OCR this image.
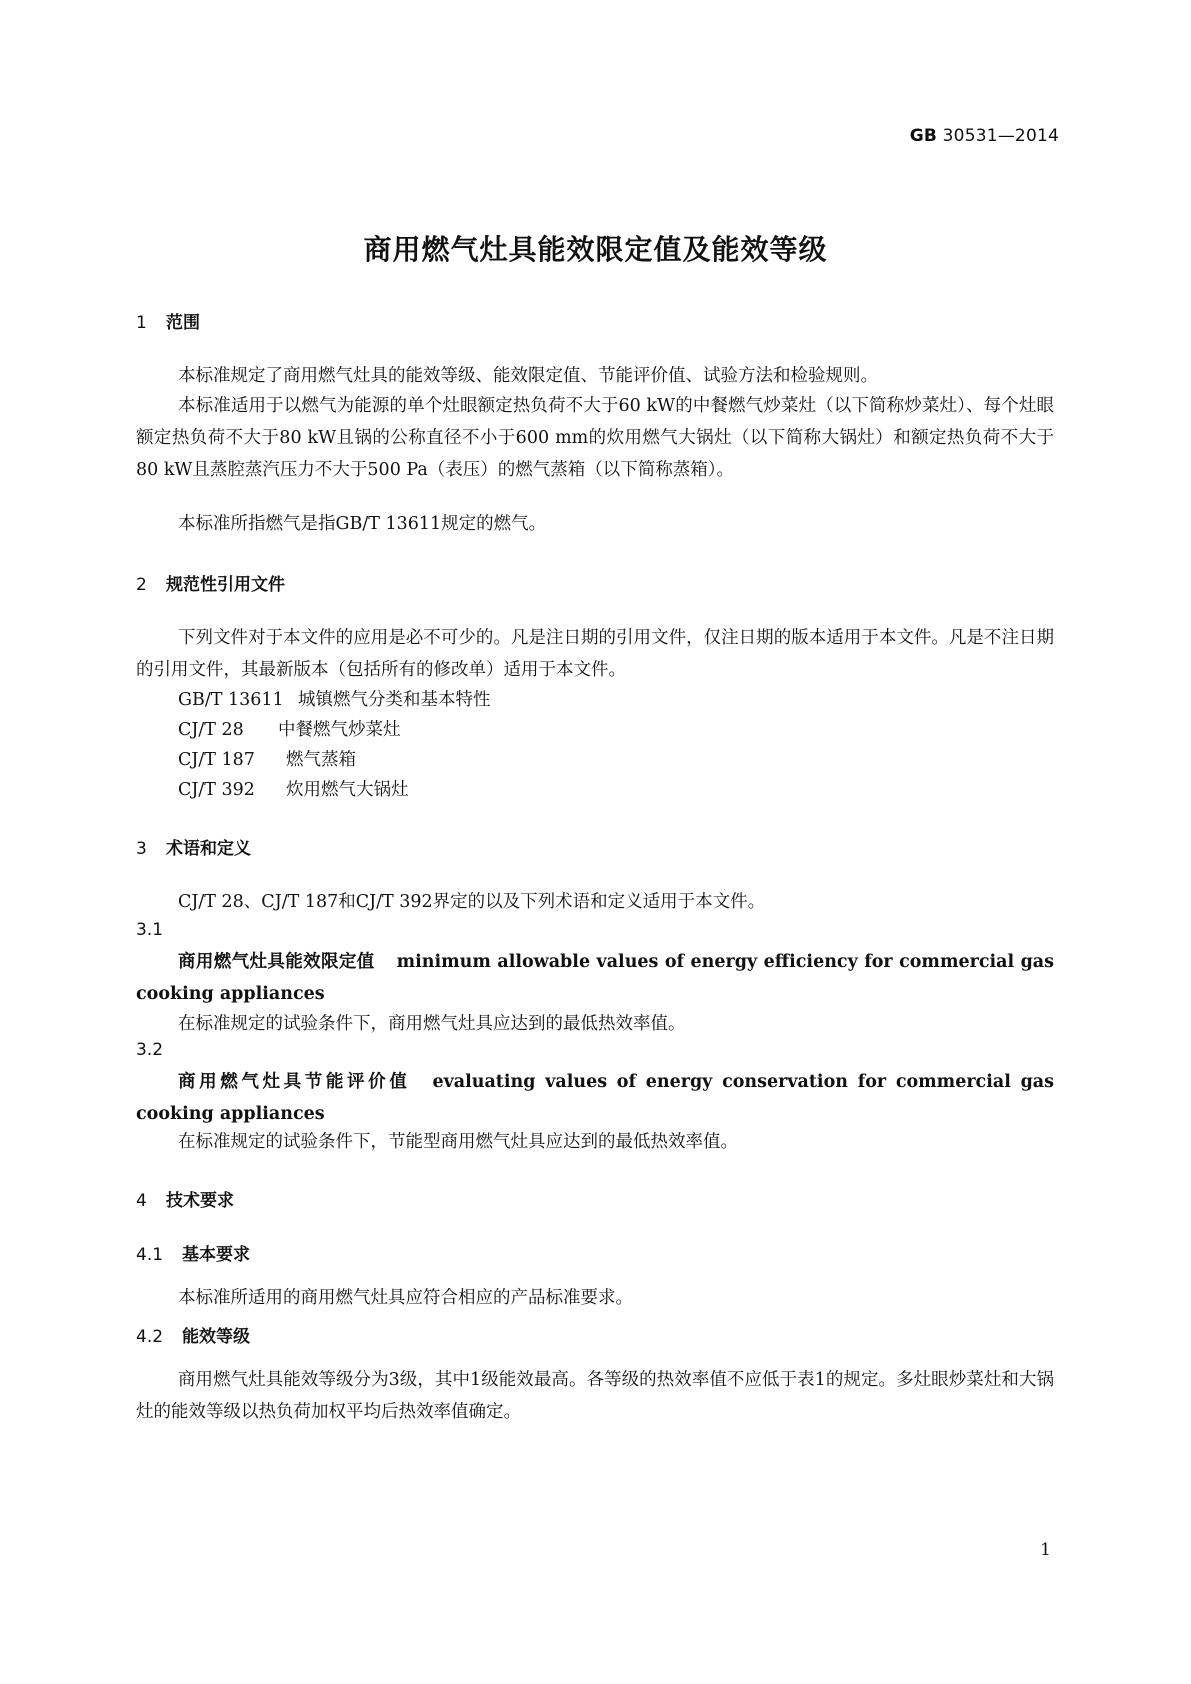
GB 30531—2014
商用燃气灶具能效限定值及能效等级
1 范围

本标准规定了商用燃气灶具的能效等级、能效限定值、节能评价值、试验方法和检验规则。

本标准适用于以燃气为能源的单个灶眼额定热负荷不大于60 kW的中餐燃气炒菜灶（以下简称炒菜灶）、每个灶眼额定热负荷不大于80 kW且锅的公称直径不小于600 mm的炊用燃气大锅灶（以下简称大锅灶）和额定热负荷不大于80 kW且蒸腔蒸汽压力不大于500 Pa（表压）的燃气蒸箱（以下简称蒸箱）。

本标准所指燃气是指GB/T 13611规定的燃气。

2 规范性引用文件

下列文件对于本文件的应用是必不可少的。凡是注日期的引用文件，仅注日期的版本适用于本文件。凡是不注日期的引用文件，其最新版本（包括所有的修改单）适用于本文件。

GB/T 13611 城镇燃气分类和基本特性
CJ/T 28 中餐燃气炒菜灶
CJ/T 187 燃气蒸箱
CJ/T 392 炊用燃气大锅灶
3 术语和定义

CJ/T 28、CJ/T 187和CJ/T 392界定的以及下列术语和定义适用于本文件。

3.1

商用燃气灶具能效限定值 minimum allowable values of energy efficiency for commercial gas cooking appliances

在标准规定的试验条件下，商用燃气灶具应达到的最低热效率值。

3.2

商用燃气灶具节能评价值 evaluating values of energy conservation for commercial gas cooking appliances

在标准规定的试验条件下，节能型商用燃气灶具应达到的最低热效率值。

4 技术要求
4.1 基本要求

本标准所适用的商用燃气灶具应符合相应的产品标准要求。

4.2 能效等级

商用燃气灶具能效等级分为3级，其中1级能效最高。各等级的热效率值不应低于表1的规定。多灶眼炒菜灶和大锅灶的能效等级以热负荷加权平均后热效率值确定。

1
